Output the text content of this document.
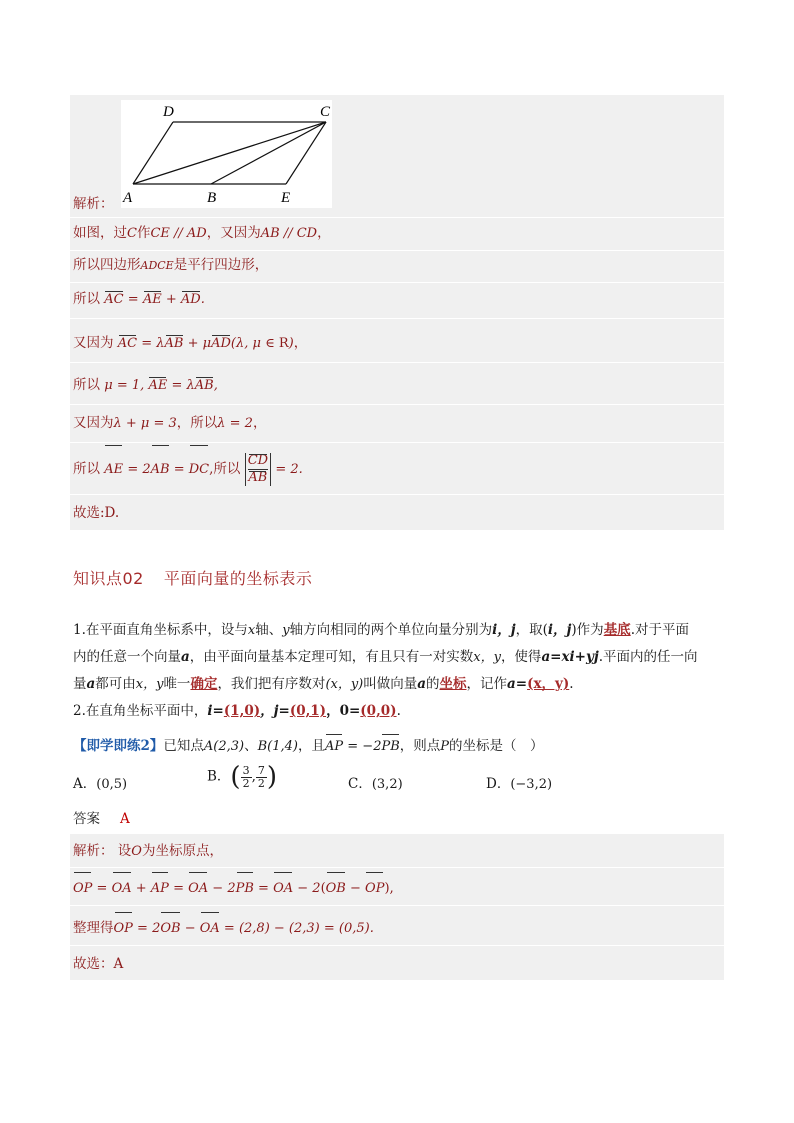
D	C
A	B	E
解析：
如图，过C作CE // AD，又因为AB // CD，
所以四边形ADCE是平行四边形，
所以 AC = AE + AD.
又因为 AC = λAB + μAD(λ, μ ∈ R)，
所以 μ = 1, AE = λAB,
又因为λ + μ = 3，所以λ = 2，
所以 AE = 2AB = DC,所以 $\frac{CD}{AB} = 2$.
故选:D.
知识点02 平面向量的坐标表示
1.在平面直角坐标系中，设与x轴、y轴方向相同的两个单位向量分别为i，j，取(i，j)作为基底.对于平面
内的任意一个向量a，由平面向量基本定理可知，有且只有一对实数x，y，使得a=xi+yj.平面内的任一向
量a都可由x，y唯一确定，我们把有序数对(x，y)叫做向量a的坐标，记作a=(x，y).
2.在直角坐标平面中，i=(1,0)，j=(0,1)，0=(0,0).
【即学即练2】已知点A(2,3)、B(1,4)，且AP = −2PB，则点P的坐标是（　）
A．(0,5)	B．( $\frac{3}{2}$ , $\frac{7}{2}$ )	C．(3,2)	D．(−3,2)
答案 A
解析： 设O为坐标原点，
OP = OA + AP = OA − 2PB = OA − 2(OB − OP),
整理得OP = 2OB − OA = (2,8) − (2,3) = (0,5).
故选：A
